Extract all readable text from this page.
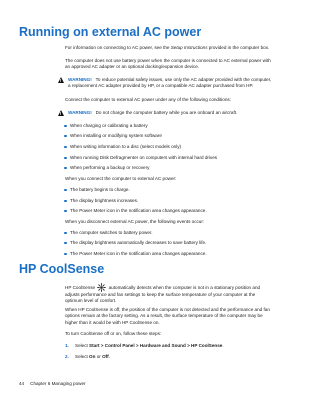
Running on external AC power
For information on connecting to AC power, see the Setup Instructions provided in the computer box.
The computer does not use battery power when the computer is connected to AC external power with
an approved AC adapter or an optional docking/expansion device.
!
WARNING! To reduce potential safety issues, use only the AC adapter provided with the computer,
a replacement AC adapter provided by HP, or a compatible AC adapter purchased from HP.
Connect the computer to external AC power under any of the following conditions:
!
WARNING! Do not charge the computer battery while you are onboard an aircraft.
When charging or calibrating a battery
When installing or modifying system software
When writing information to a disc (select models only)
When running Disk Defragmenter on computers with internal hard drives
When performing a backup or recovery
When you connect the computer to external AC power:
The battery begins to charge.
The display brightness increases.
The Power Meter icon in the notification area changes appearance.
When you disconnect external AC power, the following events occur:
The computer switches to battery power.
The display brightness automatically decreases to save battery life.
The Power Meter icon in the notification area changes appearance.
HP CoolSense
HP CoolSense	automatically detects when the computer is not in a stationary position and
adjusts performance and fan settings to keep the surface temperature of your computer at the
optimum level of comfort.
When HP CoolSense is off, the position of the computer is not detected and the performance and fan
options remain at the factory setting. As a result, the surface temperature of the computer may be
higher than it would be with HP CoolSense on.
To turn CoolSense off or on, follow these steps:
1. Select Start > Control Panel > Hardware and Sound > HP CoolSense.
2. Select On or Off.
44 Chapter 6 Managing power
